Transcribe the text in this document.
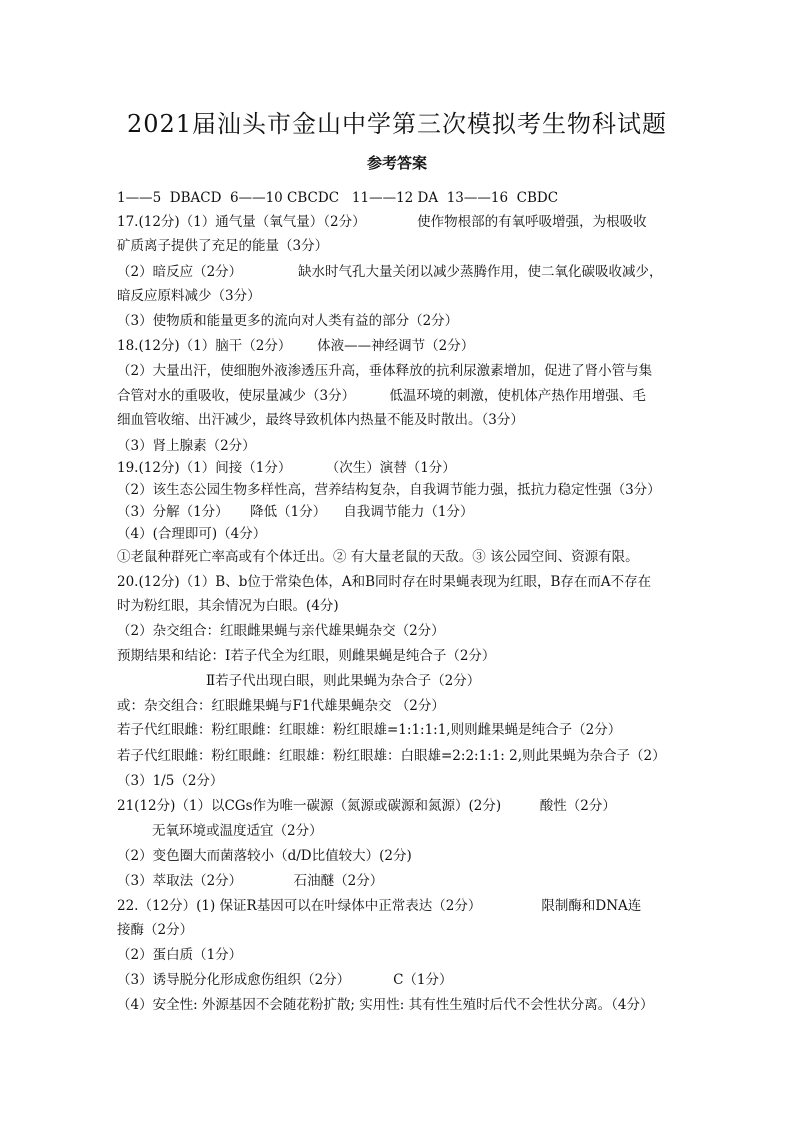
2021届汕头市金山中学第三次模拟考生物科试题
参考答案
1——5  DBACD  6——10 CBCDC   11——12 DA  13——16  CBDC
17.(12分)（1）通气量（氧气量）（2分）            使作物根部的有氧呼吸增强，为根吸收
矿质离子提供了充足的能量（3分）
（2）暗反应（2分）             缺水时气孔大量关闭以减少蒸腾作用，使二氧化碳吸收减少，
暗反应原料减少（3分）
（3）使物质和能量更多的流向对人类有益的部分（2分）
18.(12分)（1）脑干（2分）      体液——神经调节（2分）
（2）大量出汗，使细胞外液渗透压升高，垂体释放的抗利尿激素增加，促进了肾小管与集
合管对水的重吸收，使尿量减少（3分）        低温环境的刺激，使机体产热作用增强、毛
细血管收缩、出汗减少，最终导致机体内热量不能及时散出。（3分）
（3）肾上腺素（2分）
19.(12分)（1）间接（1分）        （次生）演替（1分）
（2）该生态公园生物多样性高，营养结构复杂，自我调节能力强，抵抗力稳定性强（3分）
（3）分解（1分）     降低（1分）    自我调节能力（1分）
（4）(合理即可)（4分）
①老鼠种群死亡率高或有个体迁出。② 有大量老鼠的天敌。③ 该公园空间、资源有限。
20.(12分)（1）B、b位于常染色体，A和B同时存在时果蝇表现为红眼，B存在而A不存在
时为粉红眼，其余情况为白眼。(4分)
（2）杂交组合：红眼雌果蝇与亲代雄果蝇杂交（2分）
预期结果和结论：Ⅰ若子代全为红眼，则雌果蝇是纯合子（2分）
Ⅱ若子代出现白眼，则此果蝇为杂合子（2分）
或：杂交组合：红眼雌果蝇与F1代雄果蝇杂交 （2分）
若子代红眼雌：粉红眼雌：红眼雄：粉红眼雄=1:1:1:1,则则雌果蝇是纯合子（2分）
若子代红眼雌：粉红眼雌：红眼雄：粉红眼雄：白眼雄=2:2:1:1: 2,则此果蝇为杂合子（2）
（3）1/5（2分）
21(12分)（1）以CGs作为唯一碳源（氮源或碳源和氮源）(2分)         酸性（2分）
无氧环境或温度适宜（2分）
（2）变色圈大而菌落较小（d/D比值较大）(2分)
（3）萃取法（2分）            石油醚（2分）
22.（12分）(1) 保证R基因可以在叶绿体中正常表达（2分）              限制酶和DNA连
接酶（2分）
（2）蛋白质（1分）
（3）诱导脱分化形成愈伤组织（2分）          C（1分）
（4）安全性: 外源基因不会随花粉扩散; 实用性: 其有性生殖时后代不会性状分离。（4分）
